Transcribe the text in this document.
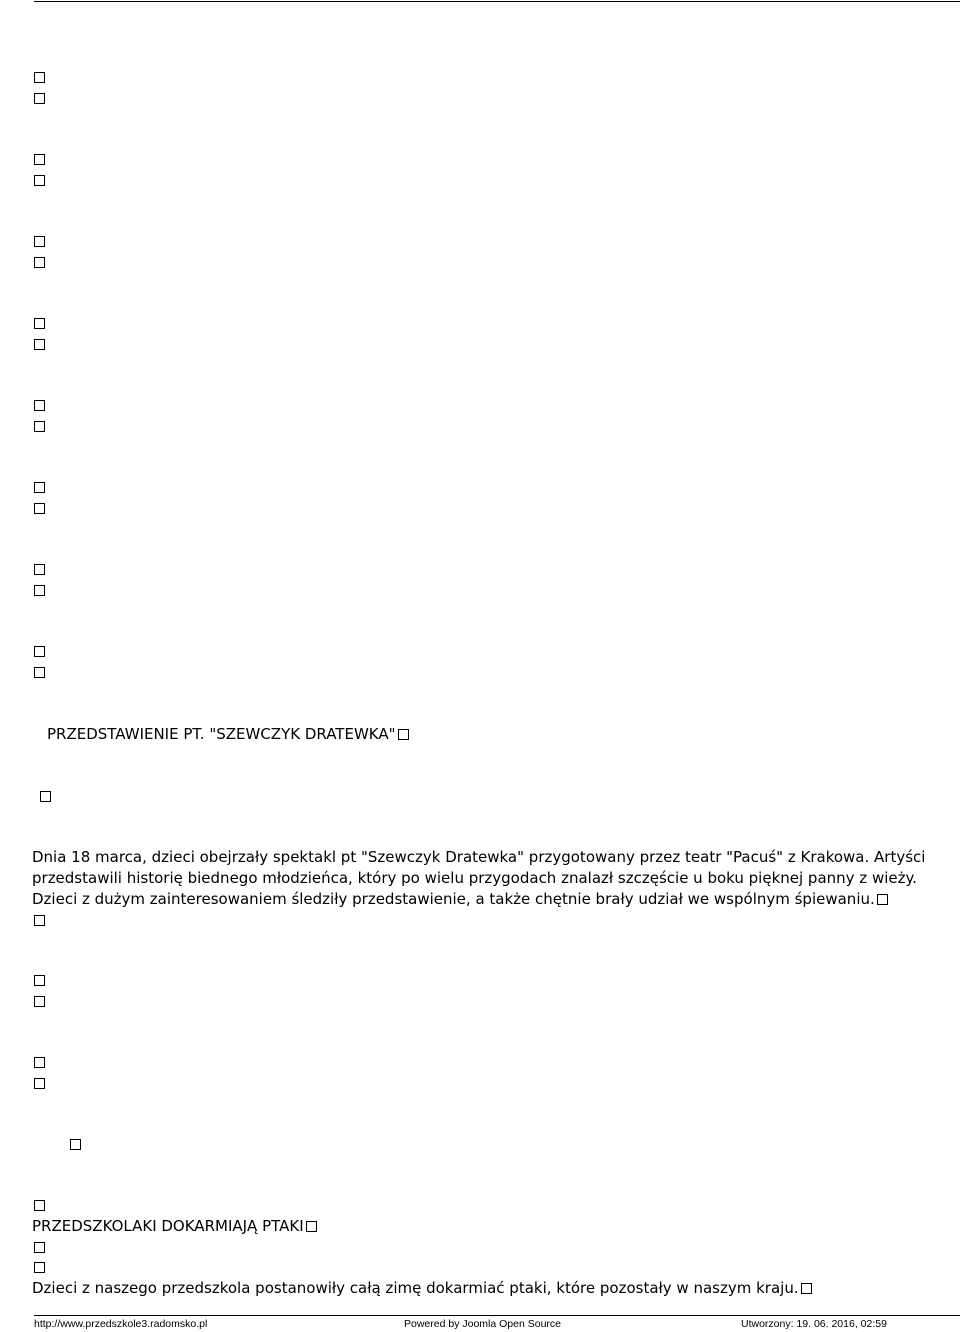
PRZEDSTAWIENIE PT. "SZEWCZYK DRATEWKA"

Dnia 18 marca, dzieci obejrzały spektakl pt "Szewczyk Dratewka" przygotowany przez teatr "Pacuś" z Krakowa. Artyści

przedstawili historię biednego młodzieńca, który po wielu przygodach znalazł szczęście u boku pięknej panny z wieży.

Dzieci z dużym zainteresowaniem śledziły przedstawienie, a także chętnie brały udział we wspólnym śpiewaniu.

PRZEDSZKOLAKI DOKARMIAJĄ PTAKI
Dzieci z naszego przedszkola postanowiły całą zimę dokarmiać ptaki, które pozostały w naszym kraju.
http://www.przedszkole3.radomsko.pl	Powered by Joomla Open Source	Utworzony: 19. 06. 2016, 02:59
